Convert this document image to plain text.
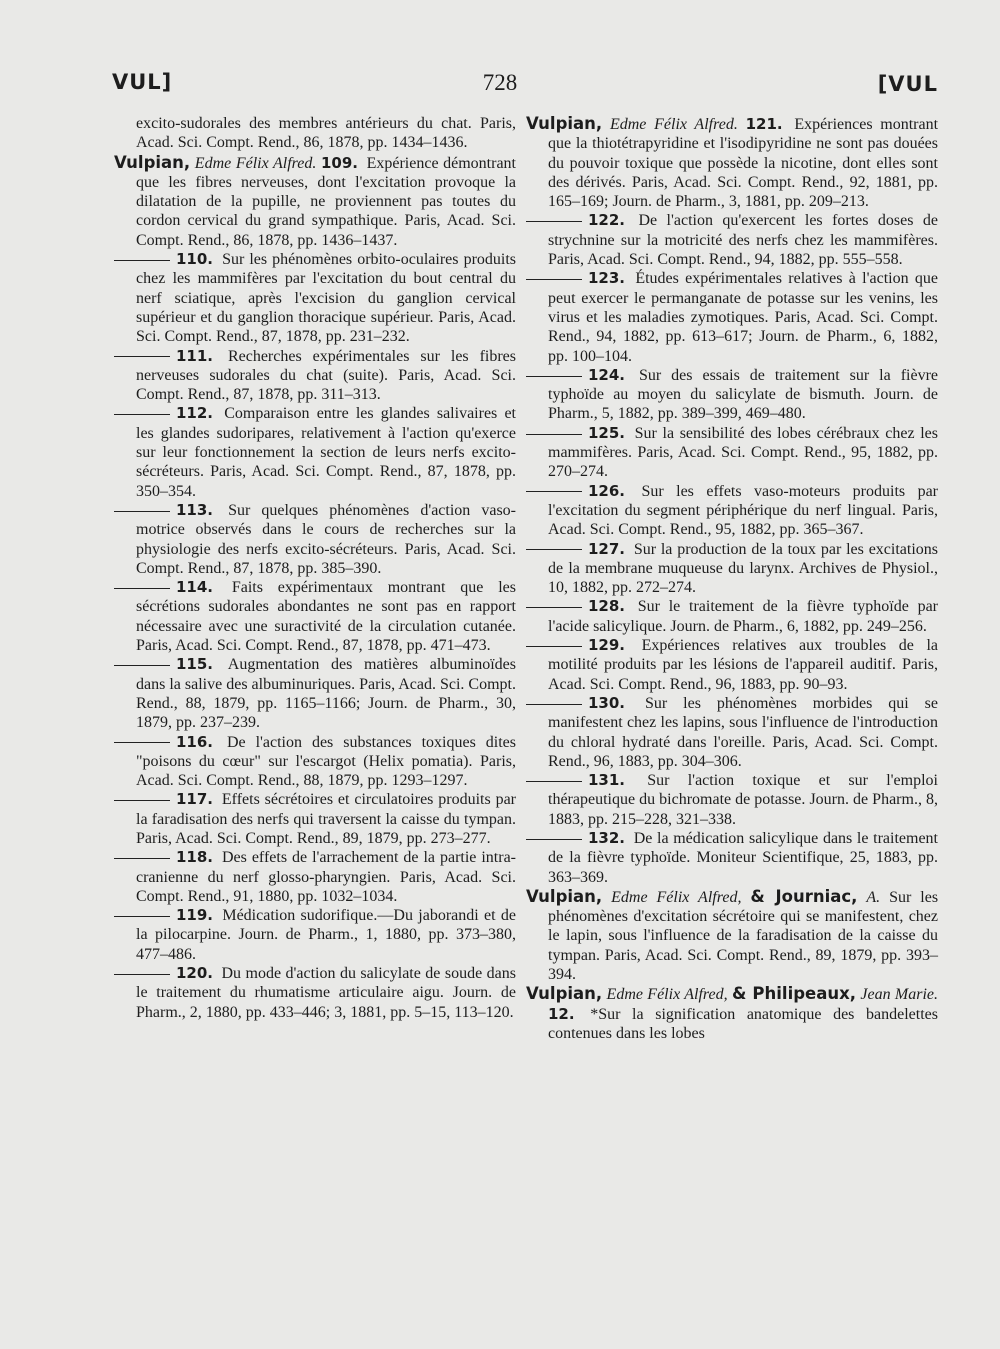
VUL]	728	[VUL

excito-sudorales des membres antérieurs du chat. Paris, Acad. Sci. Compt. Rend., 86, 1878, pp. 1434–1436.

Vulpian, Edme Félix Alfred. 109. Expérience démontrant que les fibres nerveuses, dont l'excitation provoque la dilatation de la pupille, ne proviennent pas toutes du cordon cervical du grand sympathique. Paris, Acad. Sci. Compt. Rend., 86, 1878, pp. 1436–1437.

110. Sur les phénomènes orbito-oculaires produits chez les mammifères par l'excitation du bout central du nerf sciatique, après l'excision du ganglion cervical supérieur et du ganglion thoracique supérieur. Paris, Acad. Sci. Compt. Rend., 87, 1878, pp. 231–232.

111. Recherches expérimentales sur les fibres nerveuses sudorales du chat (suite). Paris, Acad. Sci. Compt. Rend., 87, 1878, pp. 311–313.

112. Comparaison entre les glandes salivaires et les glandes sudoripares, relativement à l'action qu'exerce sur leur fonctionnement la section de leurs nerfs excito-sécréteurs. Paris, Acad. Sci. Compt. Rend., 87, 1878, pp. 350–354.

113. Sur quelques phénomènes d'action vaso-motrice observés dans le cours de recherches sur la physiologie des nerfs excito-sécréteurs. Paris, Acad. Sci. Compt. Rend., 87, 1878, pp. 385–390.

114. Faits expérimentaux montrant que les sécrétions sudorales abondantes ne sont pas en rapport nécessaire avec une suractivité de la circulation cutanée. Paris, Acad. Sci. Compt. Rend., 87, 1878, pp. 471–473.

115. Augmentation des matières albuminoïdes dans la salive des albuminuriques. Paris, Acad. Sci. Compt. Rend., 88, 1879, pp. 1165–1166; Journ. de Pharm., 30, 1879, pp. 237–239.

116. De l'action des substances toxiques dites "poisons du cœur" sur l'escargot (Helix pomatia). Paris, Acad. Sci. Compt. Rend., 88, 1879, pp. 1293–1297.

117. Effets sécrétoires et circulatoires produits par la faradisation des nerfs qui traversent la caisse du tympan. Paris, Acad. Sci. Compt. Rend., 89, 1879, pp. 273–277.

118. Des effets de l'arrachement de la partie intra-cranienne du nerf glosso-pharyngien. Paris, Acad. Sci. Compt. Rend., 91, 1880, pp. 1032–1034.

119. Médication sudorifique.—Du jaborandi et de la pilocarpine. Journ. de Pharm., 1, 1880, pp. 373–380, 477–486.

120. Du mode d'action du salicylate de soude dans le traitement du rhumatisme articulaire aigu. Journ. de Pharm., 2, 1880, pp. 433–446; 3, 1881, pp. 5–15, 113–120.

Vulpian, Edme Félix Alfred. 121. Expériences montrant que la thiotétrapyridine et l'isodipyridine ne sont pas douées du pouvoir toxique que possède la nicotine, dont elles sont des dérivés. Paris, Acad. Sci. Compt. Rend., 92, 1881, pp. 165–169; Journ. de Pharm., 3, 1881, pp. 209–213.

122. De l'action qu'exercent les fortes doses de strychnine sur la motricité des nerfs chez les mammifères. Paris, Acad. Sci. Compt. Rend., 94, 1882, pp. 555–558.

123. Études expérimentales relatives à l'action que peut exercer le permanganate de potasse sur les venins, les virus et les maladies zymotiques. Paris, Acad. Sci. Compt. Rend., 94, 1882, pp. 613–617; Journ. de Pharm., 6, 1882, pp. 100–104.

124. Sur des essais de traitement sur la fièvre typhoïde au moyen du salicylate de bismuth. Journ. de Pharm., 5, 1882, pp. 389–399, 469–480.

125. Sur la sensibilité des lobes cérébraux chez les mammifères. Paris, Acad. Sci. Compt. Rend., 95, 1882, pp. 270–274.

126. Sur les effets vaso-moteurs produits par l'excitation du segment périphérique du nerf lingual. Paris, Acad. Sci. Compt. Rend., 95, 1882, pp. 365–367.

127. Sur la production de la toux par les excitations de la membrane muqueuse du larynx. Archives de Physiol., 10, 1882, pp. 272–274.

128. Sur le traitement de la fièvre typhoïde par l'acide salicylique. Journ. de Pharm., 6, 1882, pp. 249–256.

129. Expériences relatives aux troubles de la motilité produits par les lésions de l'appareil auditif. Paris, Acad. Sci. Compt. Rend., 96, 1883, pp. 90–93.

130. Sur les phénomènes morbides qui se manifestent chez les lapins, sous l'influence de l'introduction du chloral hydraté dans l'oreille. Paris, Acad. Sci. Compt. Rend., 96, 1883, pp. 304–306.

131. Sur l'action toxique et sur l'emploi thérapeutique du bichromate de potasse. Journ. de Pharm., 8, 1883, pp. 215–228, 321–338.

132. De la médication salicylique dans le traitement de la fièvre typhoïde. Moniteur Scientifique, 25, 1883, pp. 363–369.

Vulpian, Edme Félix Alfred, & Journiac, A. Sur les phénomènes d'excitation sécrétoire qui se manifestent, chez le lapin, sous l'influence de la faradisation de la caisse du tympan. Paris, Acad. Sci. Compt. Rend., 89, 1879, pp. 393–394.

Vulpian, Edme Félix Alfred, & Philipeaux, Jean Marie. 12. *Sur la signification anatomique des bandelettes contenues dans les lobes
